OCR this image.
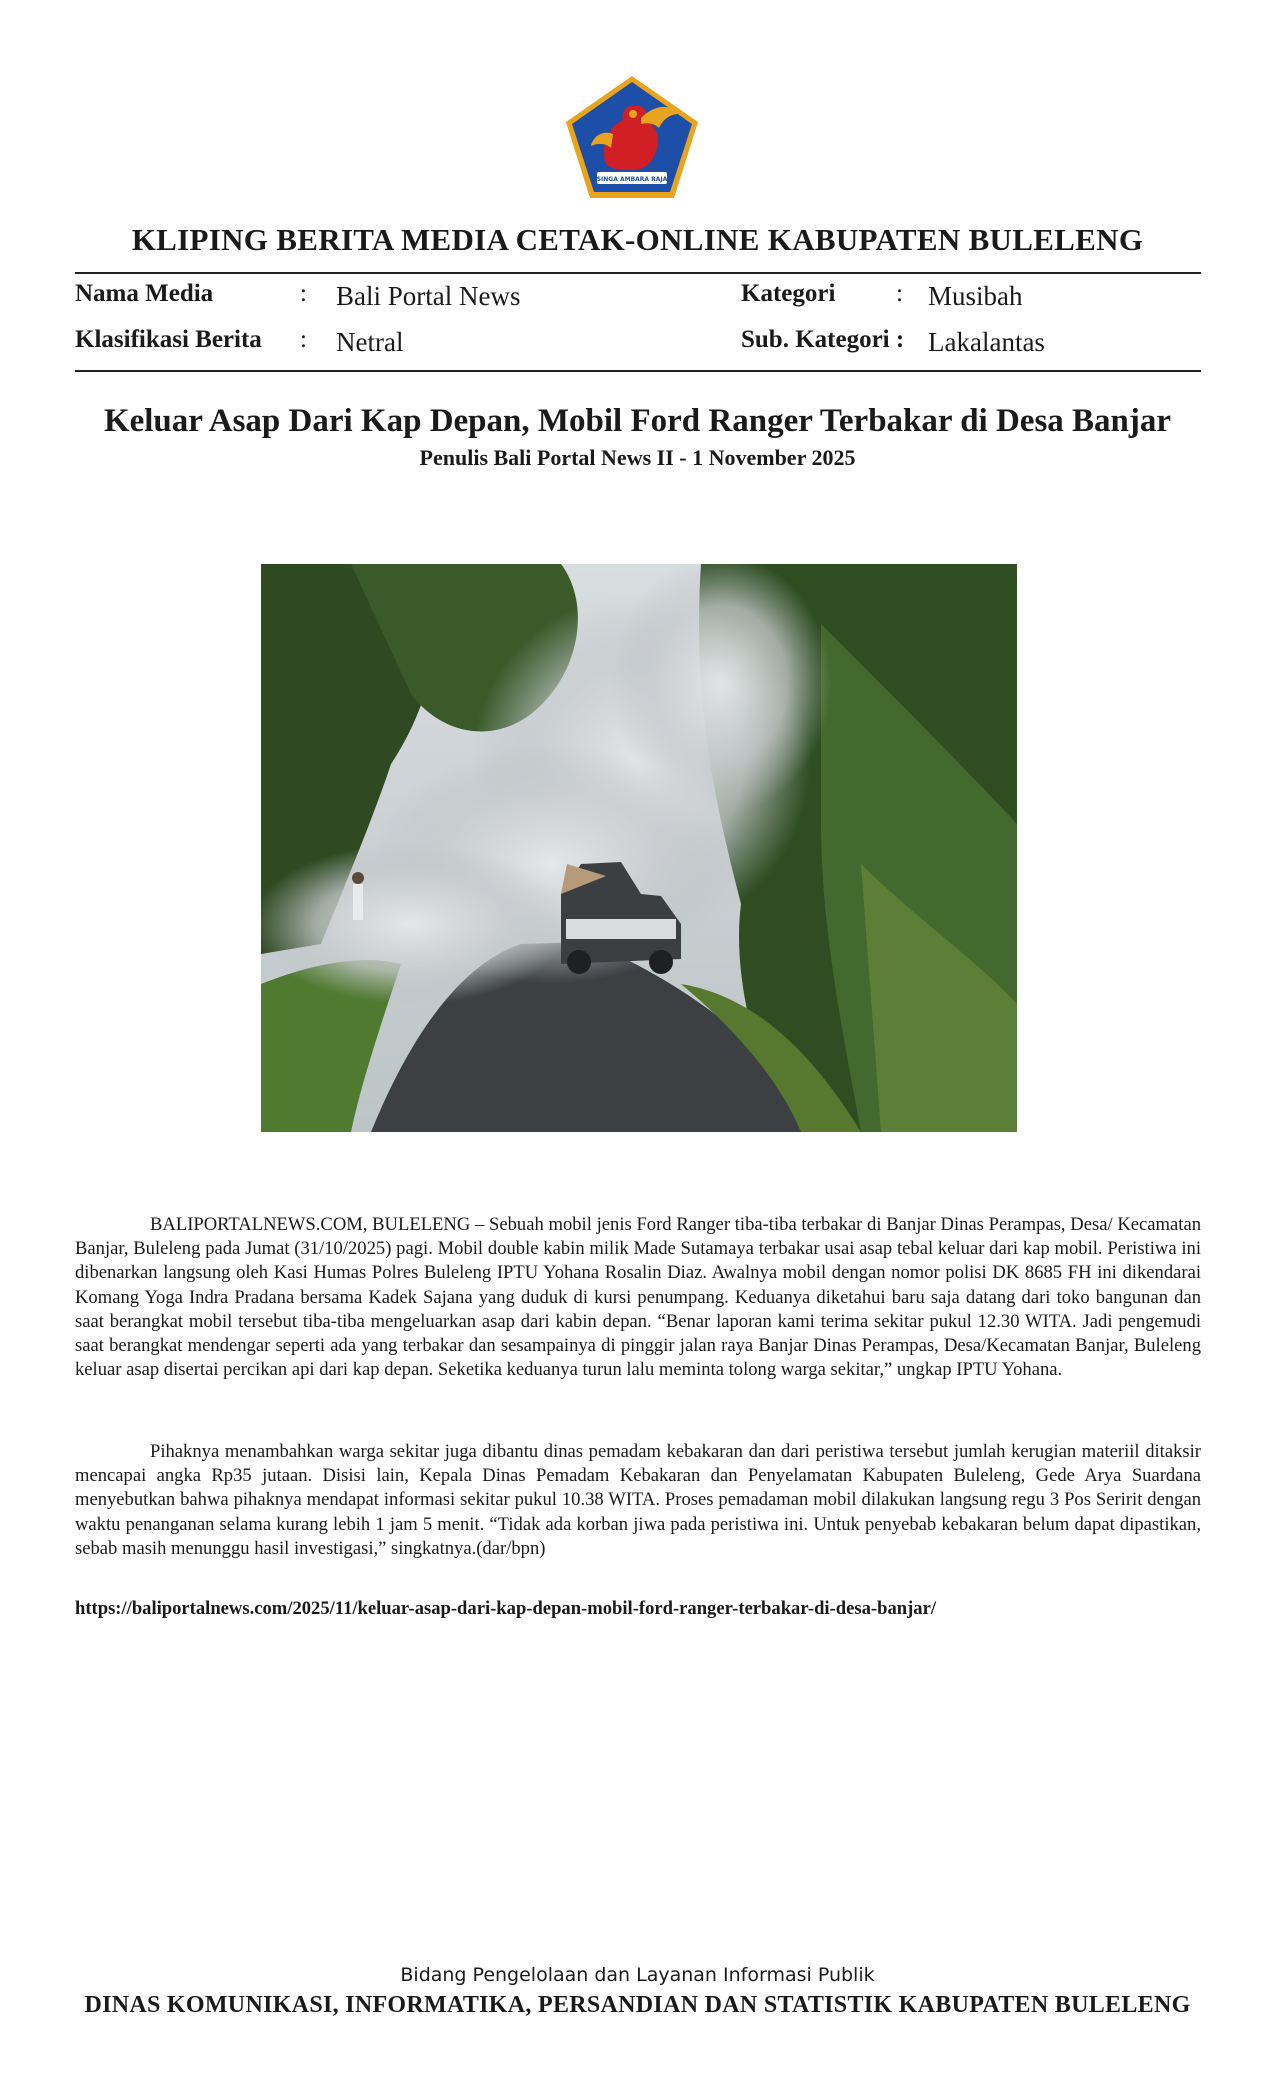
SINGA AMBARA RAJA
KLIPING BERITA MEDIA CETAK-ONLINE KABUPATEN BULELENG
Nama Media	: Bali Portal News	Kategori : Musibah
Klasifikasi Berita : Netral	Sub. Kategori : Lakalantas
Keluar Asap Dari Kap Depan, Mobil Ford Ranger Terbakar di Desa Banjar
Penulis Bali Portal News II - 1 November 2025

BALIPORTALNEWS.COM, BULELENG – Sebuah mobil jenis Ford Ranger tiba-tiba terbakar di Banjar Dinas Perampas, Desa/ Kecamatan Banjar, Buleleng pada Jumat (31/10/2025) pagi. Mobil double kabin milik Made Sutamaya terbakar usai asap tebal keluar dari kap mobil. Peristiwa ini dibenarkan langsung oleh Kasi Humas Polres Buleleng IPTU Yohana Rosalin Diaz. Awalnya mobil dengan nomor polisi DK 8685 FH ini dikendarai Komang Yoga Indra Pradana bersama Kadek Sajana yang duduk di kursi penumpang. Keduanya diketahui baru saja datang dari toko bangunan dan saat berangkat mobil tersebut tiba-tiba mengeluarkan asap dari kabin depan. “Benar laporan kami terima sekitar pukul 12.30 WITA. Jadi pengemudi saat berangkat mendengar seperti ada yang terbakar dan sesampainya di pinggir jalan raya Banjar Dinas Perampas, Desa/Kecamatan Banjar, Buleleng keluar asap disertai percikan api dari kap depan. Seketika keduanya turun lalu meminta tolong warga sekitar,” ungkap IPTU Yohana.

Pihaknya menambahkan warga sekitar juga dibantu dinas pemadam kebakaran dan dari peristiwa tersebut jumlah kerugian materiil ditaksir mencapai angka Rp35 jutaan. Disisi lain, Kepala Dinas Pemadam Kebakaran dan Penyelamatan Kabupaten Buleleng, Gede Arya Suardana menyebutkan bahwa pihaknya mendapat informasi sekitar pukul 10.38 WITA. Proses pemadaman mobil dilakukan langsung regu 3 Pos Seririt dengan waktu penanganan selama kurang lebih 1 jam 5 menit. “Tidak ada korban jiwa pada peristiwa ini. Untuk penyebab kebakaran belum dapat dipastikan, sebab masih menunggu hasil investigasi,” singkatnya.(dar/bpn)

https://baliportalnews.com/2025/11/keluar-asap-dari-kap-depan-mobil-ford-ranger-terbakar-di-desa-banjar/
Bidang Pengelolaan dan Layanan Informasi Publik
DINAS KOMUNIKASI, INFORMATIKA, PERSANDIAN DAN STATISTIK KABUPATEN BULELENG
